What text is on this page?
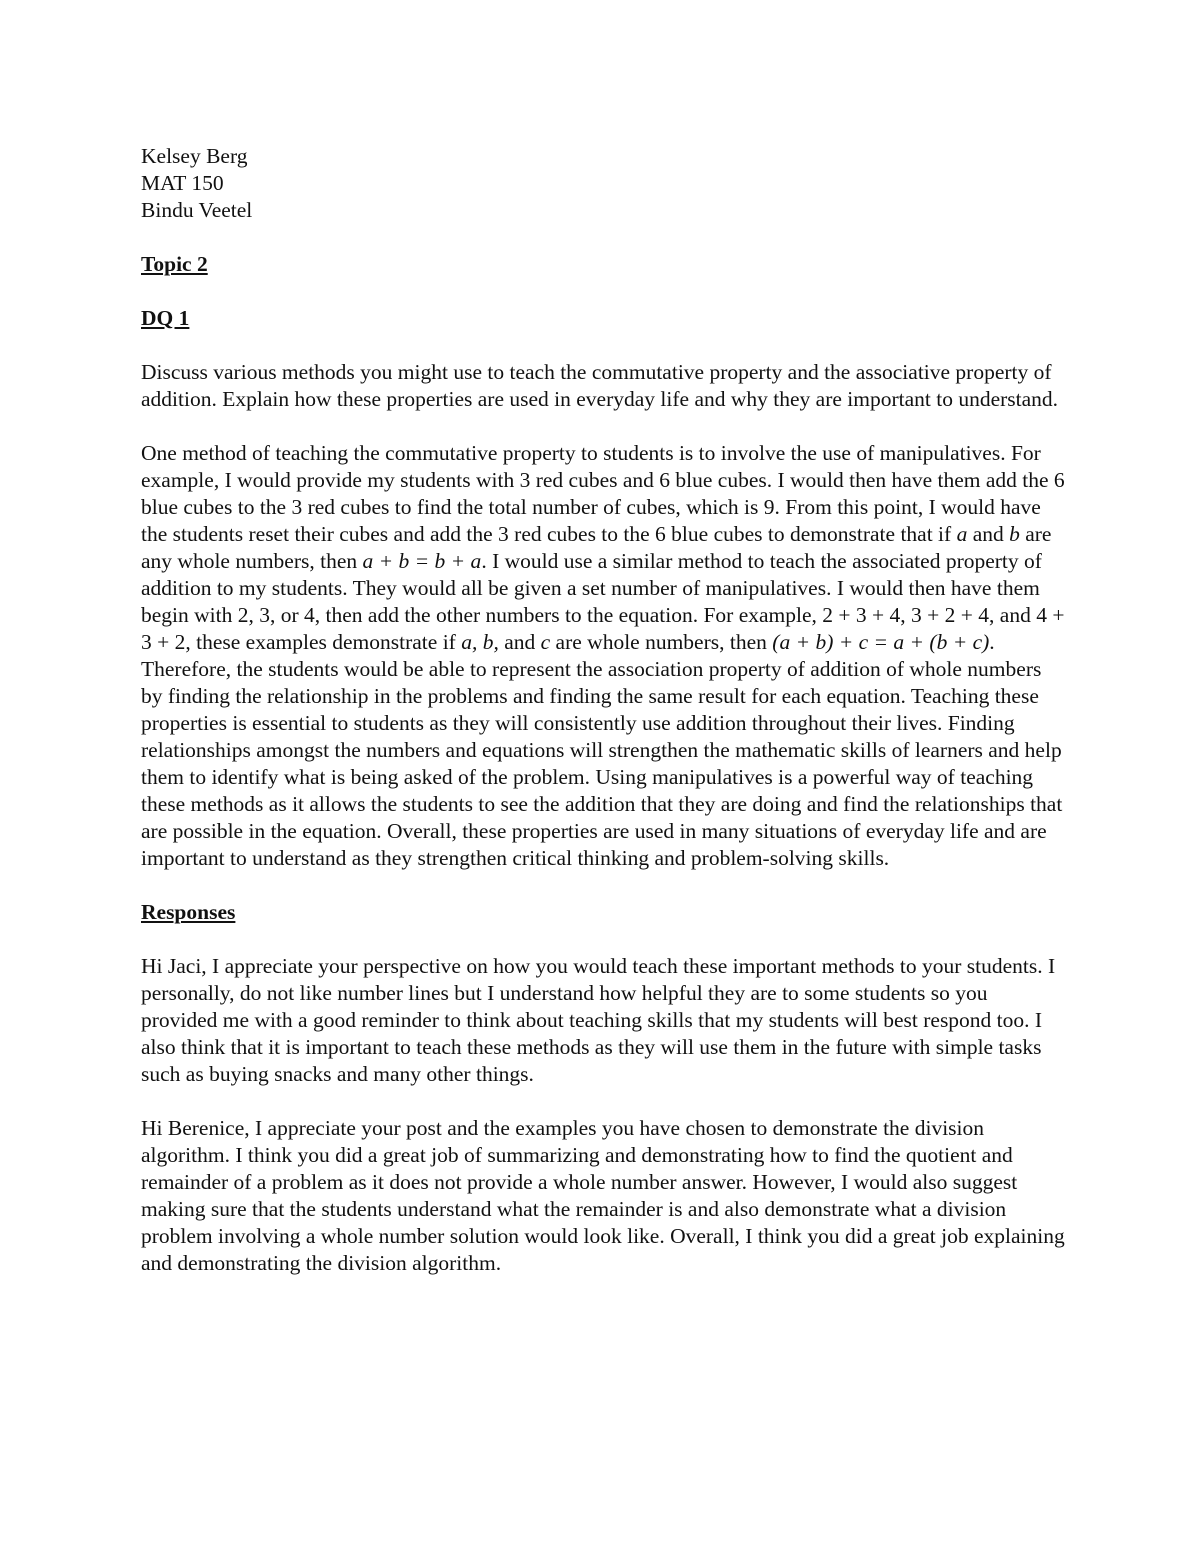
Kelsey Berg
MAT 150
Bindu Veetel
Topic 2
DQ 1

Discuss various methods you might use to teach the commutative property and the associative property of addition. Explain how these properties are used in everyday life and why they are important to understand.

One method of teaching the commutative property to students is to involve the use of manipulatives. For example, I would provide my students with 3 red cubes and 6 blue cubes. I would then have them add the 6 blue cubes to the 3 red cubes to find the total number of cubes, which is 9. From this point, I would have the students reset their cubes and add the 3 red cubes to the 6 blue cubes to demonstrate that if a and b are any whole numbers, then a + b = b + a. I would use a similar method to teach the associated property of addition to my students. They would all be given a set number of manipulatives. I would then have them begin with 2, 3, or 4, then add the other numbers to the equation. For example, 2 + 3 + 4, 3 + 2 + 4, and 4 + 3 + 2, these examples demonstrate if a, b, and c are whole numbers, then (a + b) + c = a + (b + c). Therefore, the students would be able to represent the association property of addition of whole numbers by finding the relationship in the problems and finding the same result for each equation. Teaching these properties is essential to students as they will consistently use addition throughout their lives. Finding relationships amongst the numbers and equations will strengthen the mathematic skills of learners and help them to identify what is being asked of the problem. Using manipulatives is a powerful way of teaching these methods as it allows the students to see the addition that they are doing and find the relationships that are possible in the equation. Overall, these properties are used in many situations of everyday life and are important to understand as they strengthen critical thinking and problem-solving skills.

Responses

Hi Jaci, I appreciate your perspective on how you would teach these important methods to your students. I personally, do not like number lines but I understand how helpful they are to some students so you provided me with a good reminder to think about teaching skills that my students will best respond too. I also think that it is important to teach these methods as they will use them in the future with simple tasks such as buying snacks and many other things.

Hi Berenice, I appreciate your post and the examples you have chosen to demonstrate the division algorithm. I think you did a great job of summarizing and demonstrating how to find the quotient and remainder of a problem as it does not provide a whole number answer. However, I would also suggest making sure that the students understand what the remainder is and also demonstrate what a division problem involving a whole number solution would look like. Overall, I think you did a great job explaining and demonstrating the division algorithm.
